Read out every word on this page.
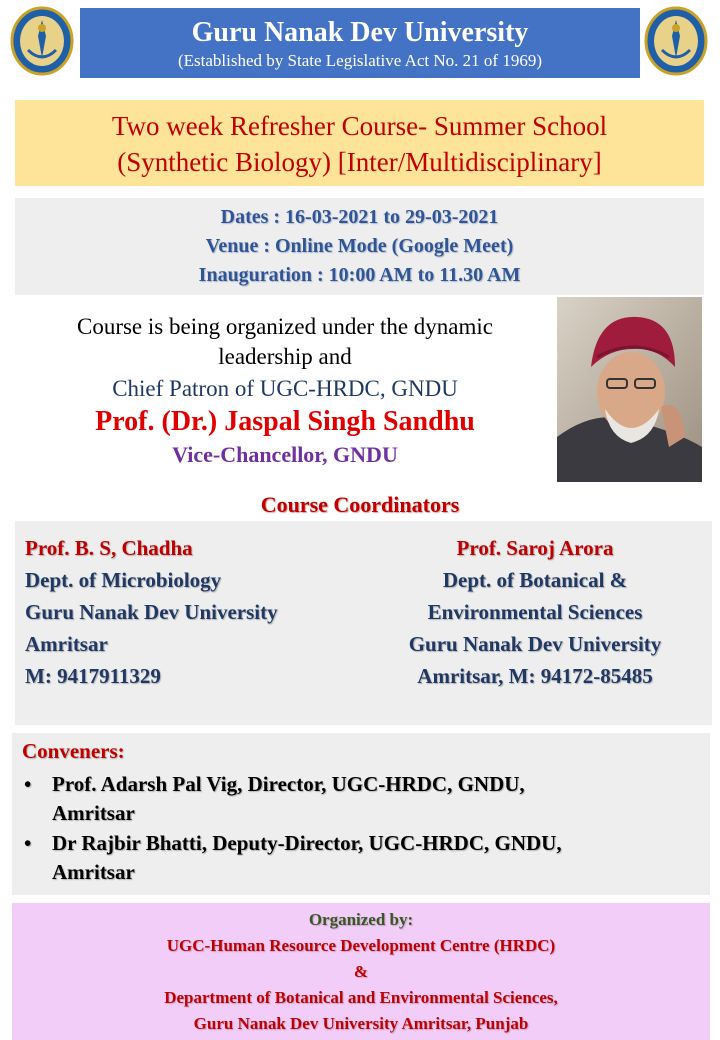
Guru Nanak Dev University
(Established by State Legislative Act No. 21 of 1969)
Two week Refresher Course- Summer School
(Synthetic Biology) [Inter/Multidisciplinary]
Dates : 16-03-2021 to 29-03-2021
Venue : Online Mode (Google Meet)
Inauguration : 10:00 AM to 11.30 AM
Course is being organized under the dynamic
leadership and
Chief Patron of UGC-HRDC, GNDU
Prof. (Dr.) Jaspal Singh Sandhu
Vice-Chancellor, GNDU
Course Coordinators
Prof. B. S, Chadha
Dept. of Microbiology
Guru Nanak Dev University
Amritsar
M: 9417911329
Prof. Saroj Arora
Dept. of Botanical &
Environmental Sciences
Guru Nanak Dev University
Amritsar, M: 94172-85485
Conveners:
• Prof. Adarsh Pal Vig, Director, UGC-HRDC, GNDU,
Amritsar
• Dr Rajbir Bhatti, Deputy-Director, UGC-HRDC, GNDU,
Amritsar
Organized by:
UGC-Human Resource Development Centre (HRDC)
&
Department of Botanical and Environmental Sciences,
Guru Nanak Dev University Amritsar, Punjab
